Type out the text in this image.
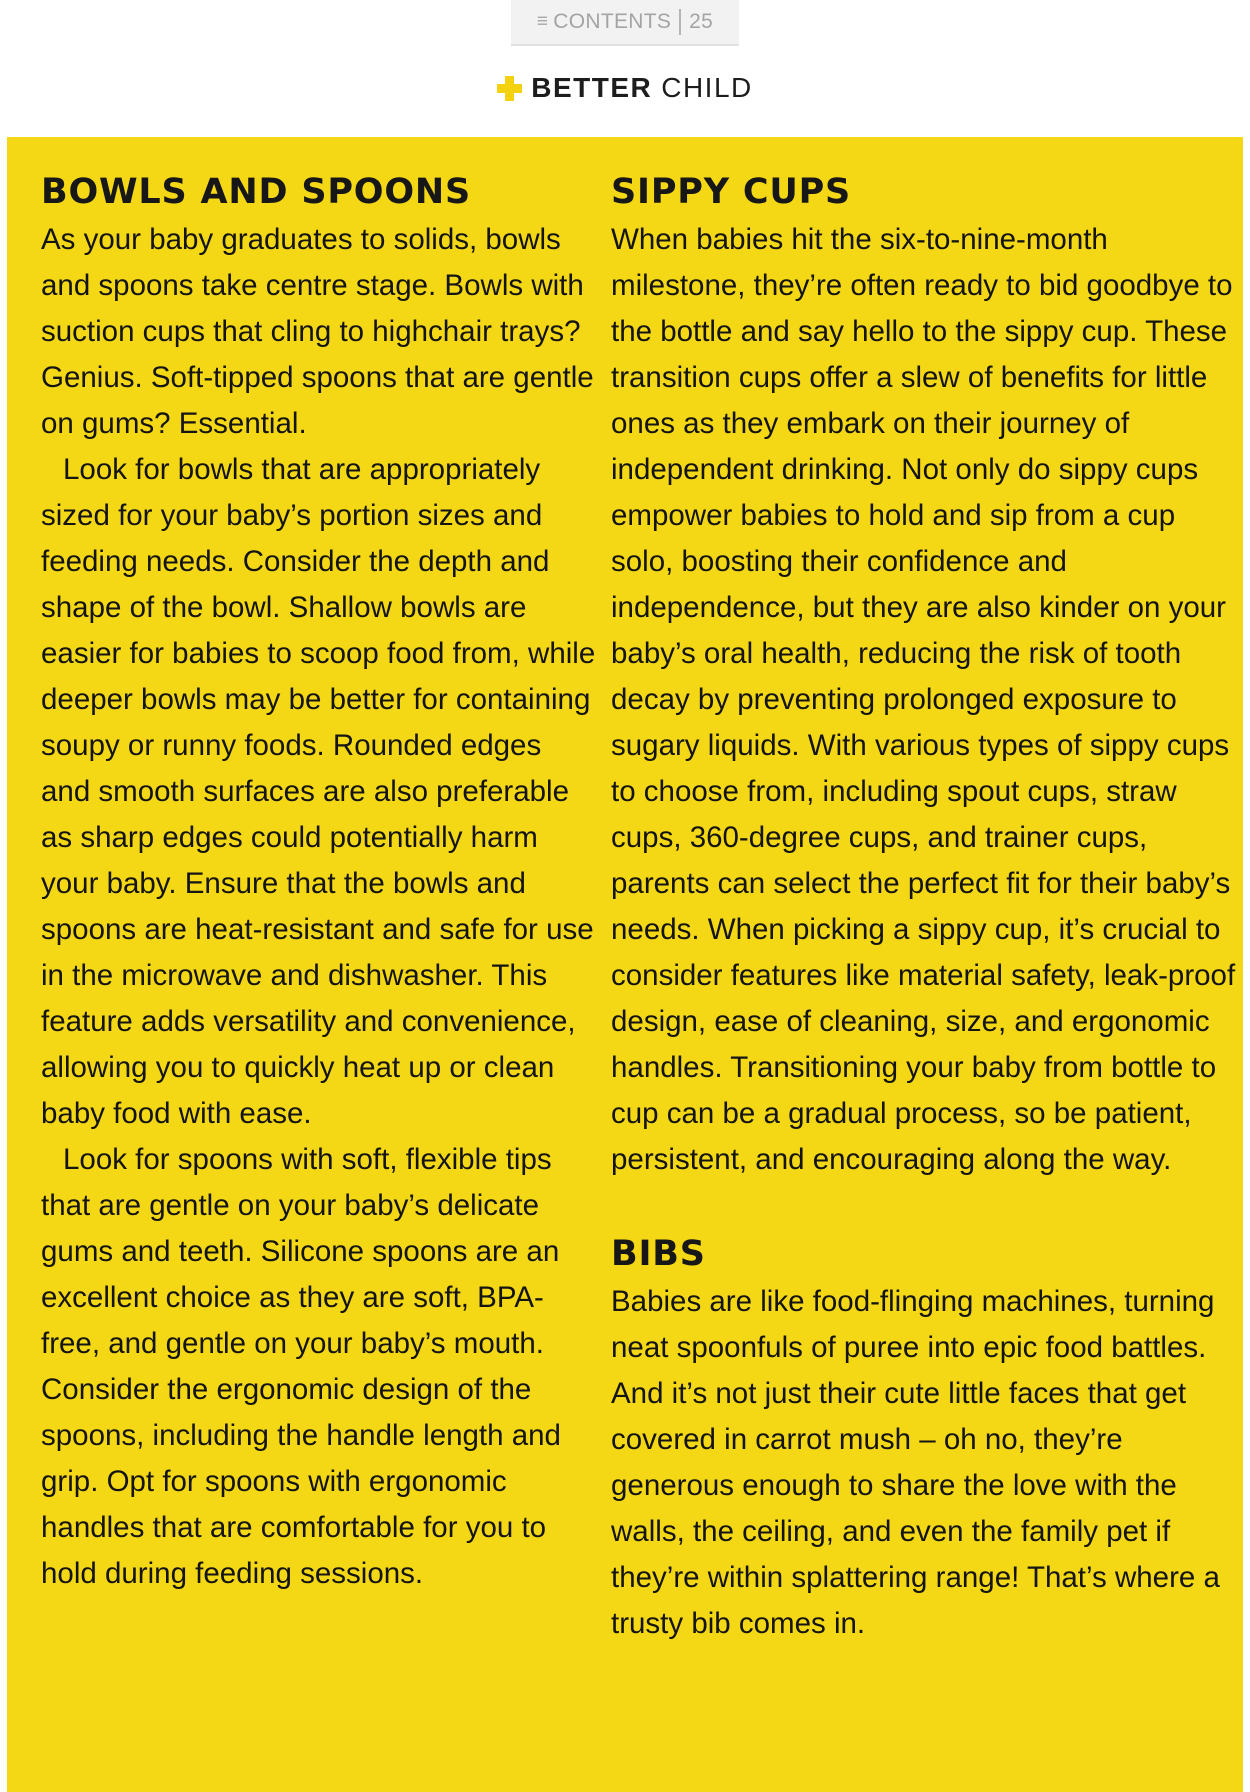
≡ CONTENTS 25
BETTER CHILD
BOWLS AND SPOONS

As your baby graduates to solids, bowls and spoons take centre stage. Bowls with suction cups that cling to highchair trays? Genius. Soft-tipped spoons that are gentle on gums? Essential.

Look for bowls that are appropriately sized for your baby’s portion sizes and feeding needs. Consider the depth and shape of the bowl. Shallow bowls are easier for babies to scoop food from, while deeper bowls may be better for containing soupy or runny foods. Rounded edges and smooth surfaces are also preferable as sharp edges could potentially harm your baby. Ensure that the bowls and spoons are heat-resistant and safe for use in the microwave and dishwasher. This feature adds versatility and convenience, allowing you to quickly heat up or clean baby food with ease.

Look for spoons with soft, flexible tips that are gentle on your baby’s delicate gums and teeth. Silicone spoons are an excellent choice as they are soft, BPA-free, and gentle on your baby’s mouth. Consider the ergonomic design of the spoons, including the handle length and grip. Opt for spoons with ergonomic handles that are comfortable for you to hold during feeding sessions.

SIPPY CUPS

When babies hit the six-to-nine-month milestone, they’re often ready to bid goodbye to the bottle and say hello to the sippy cup. These transition cups offer a slew of benefits for little ones as they embark on their journey of independent drinking. Not only do sippy cups empower babies to hold and sip from a cup solo, boosting their confidence and independence, but they are also kinder on your baby’s oral health, reducing the risk of tooth decay by preventing prolonged exposure to sugary liquids. With various types of sippy cups to choose from, including spout cups, straw cups, 360-degree cups, and trainer cups, parents can select the perfect fit for their baby’s needs. When picking a sippy cup, it’s crucial to consider features like material safety, leak-proof design, ease of cleaning, size, and ergonomic handles. Transitioning your baby from bottle to cup can be a gradual process, so be patient, persistent, and encouraging along the way.

BIBS

Babies are like food-flinging machines, turning neat spoonfuls of puree into epic food battles. And it’s not just their cute little faces that get covered in carrot mush – oh no, they’re generous enough to share the love with the walls, the ceiling, and even the family pet if they’re within splattering range! That’s where a trusty bib comes in.
